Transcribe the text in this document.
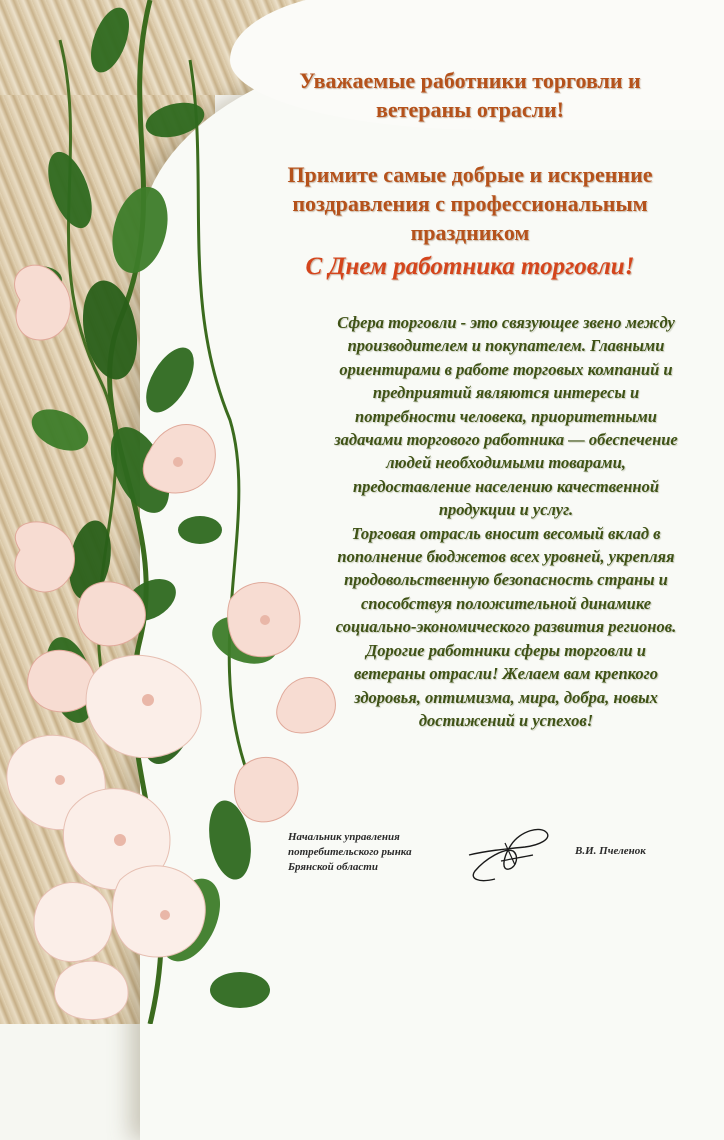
Уважаемые работники торговли и
ветераны отрасли!
Примите самые добрые и искренние
поздравления с профессиональным
праздником
С Днем работника торговли!

Сфера торговли - это связующее звено между

производителем и покупателем. Главными

ориентирами в работе торговых компаний и

предприятий являются интересы и

потребности человека, приоритетными

задачами торгового работника — обеспечение

людей необходимыми товарами,

предоставление населению качественной

продукции и услуг.

Торговая отрасль вносит весомый вклад в

пополнение бюджетов всех уровней, укрепляя

продовольственную безопасность страны и

способствуя положительной динамике

социально-экономического развития регионов.

Дорогие работники сферы торговли и

ветераны отрасли! Желаем вам крепкого

здоровья, оптимизма, мира, добра, новых

достижений и успехов!

Начальник управления
потребительского рынка
Брянской области
В.И. Пчеленок
